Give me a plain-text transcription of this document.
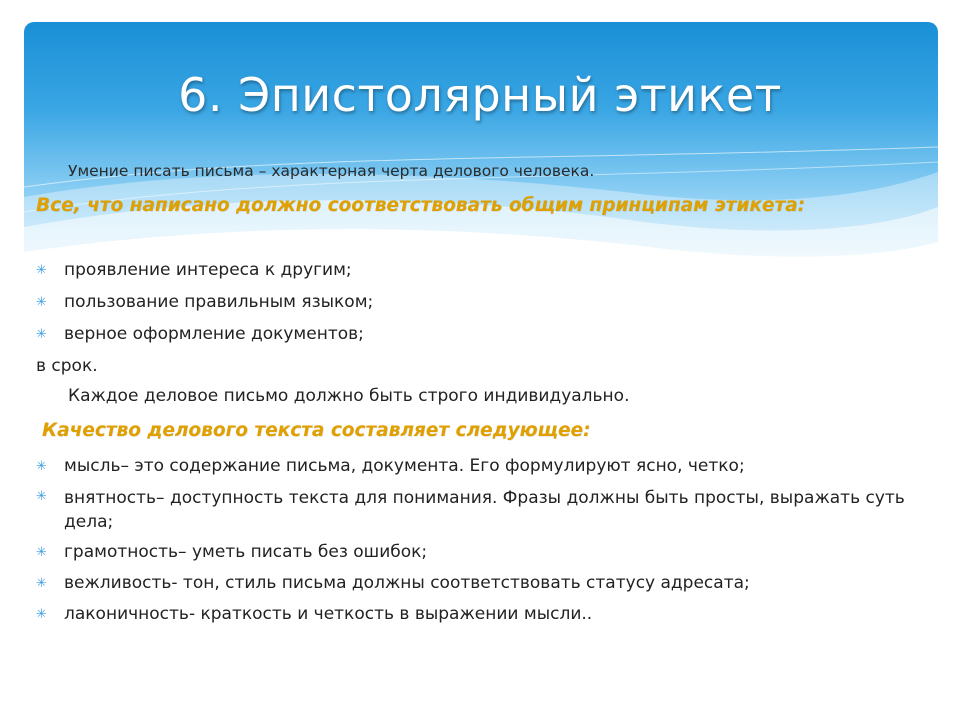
6. Эпистолярный этикет
Умение писать письма – характерная черта делового человека.
Все, что написано должно соответствовать общим принципам этикета:
✳	проявление интереса к другим;
✳	пользование правильным языком;
✳	верное оформление документов;
в срок.
Каждое деловое письмо должно быть строго индивидуально.
Качество делового текста составляет следующее:
✳	мысль– это содержание письма, документа. Его формулируют ясно, четко;
✳	внятность– доступность текста для понимания. Фразы должны быть просты, выражать суть дела;
✳	грамотность– уметь писать без ошибок;
✳	вежливость- тон, стиль письма должны соответствовать статусу адресата;
✳	лаконичность- краткость и четкость в выражении мысли..
